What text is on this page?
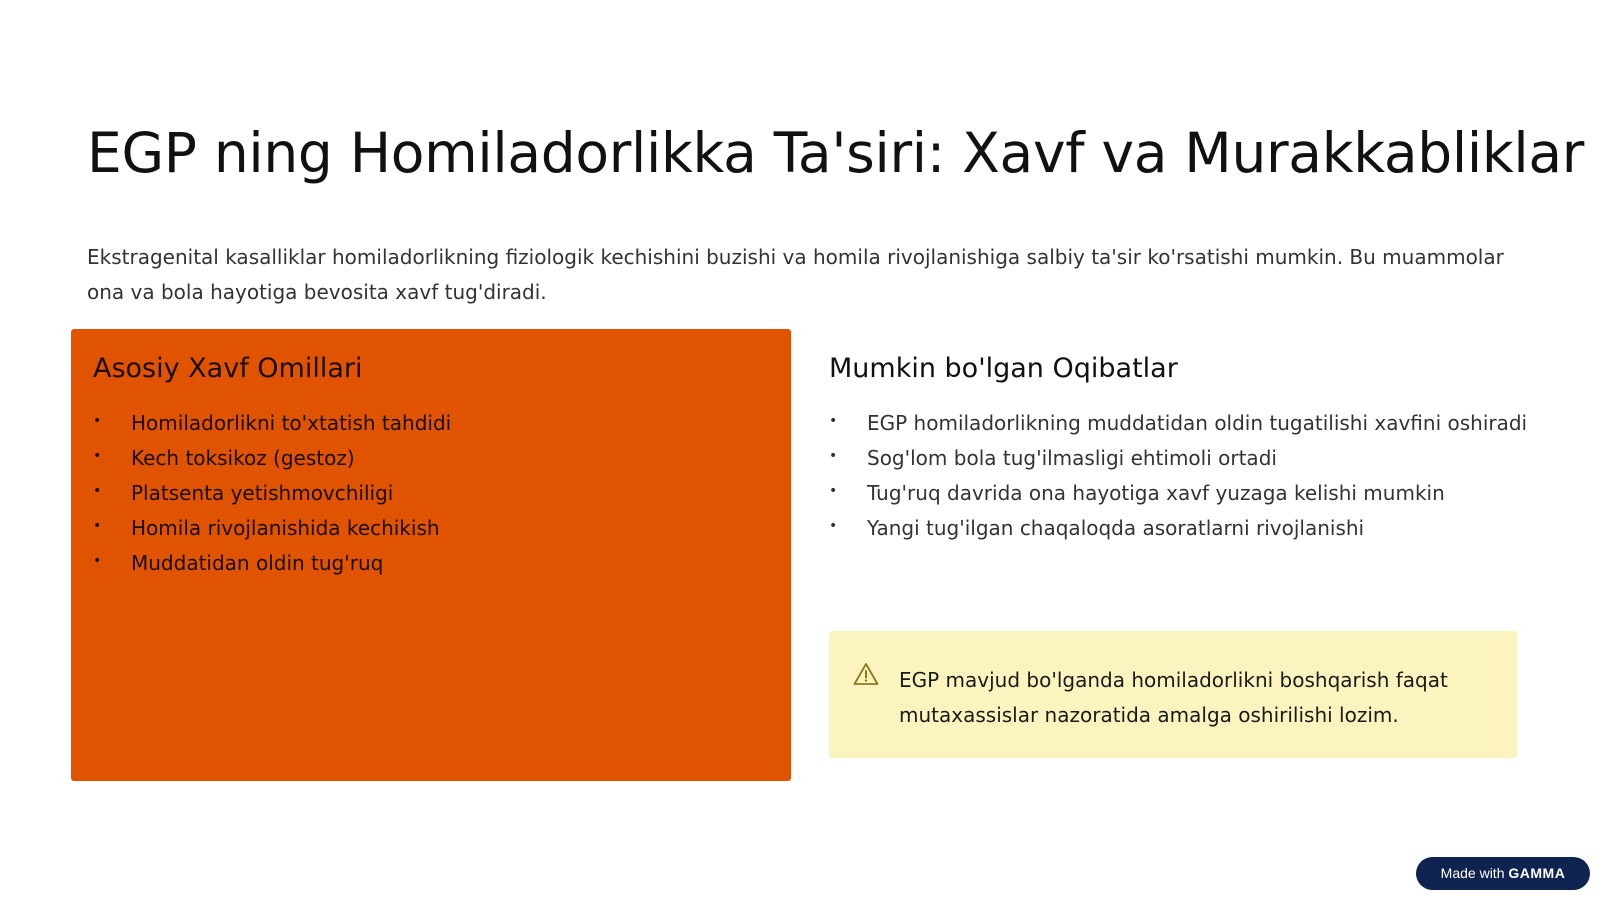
EGP ning Homiladorlikka Ta'siri: Xavf va Murakkabliklar

Ekstragenital kasalliklar homiladorlikning fiziologik kechishini buzishi va homila rivojlanishiga salbiy ta'sir ko'rsatishi mumkin. Bu muammolar ona va bola hayotiga bevosita xavf tug'diradi.

Asosiy Xavf Omillari
• Homiladorlikni to'xtatish tahdidi
• Kech toksikoz (gestoz)
• Platsenta yetishmovchiligi
• Homila rivojlanishida kechikish
• Muddatidan oldin tug'ruq
Mumkin bo'lgan Oqibatlar
• EGP homiladorlikning muddatidan oldin tugatilishi xavfini oshiradi
• Sog'lom bola tug'ilmasligi ehtimoli ortadi
• Tug'ruq davrida ona hayotiga xavf yuzaga kelishi mumkin
• Yangi tug'ilgan chaqaloqda asoratlarni rivojlanishi

EGP mavjud bo'lganda homiladorlikni boshqarish faqat mutaxassislar nazoratida amalga oshirilishi lozim.

Made with GAMMA
